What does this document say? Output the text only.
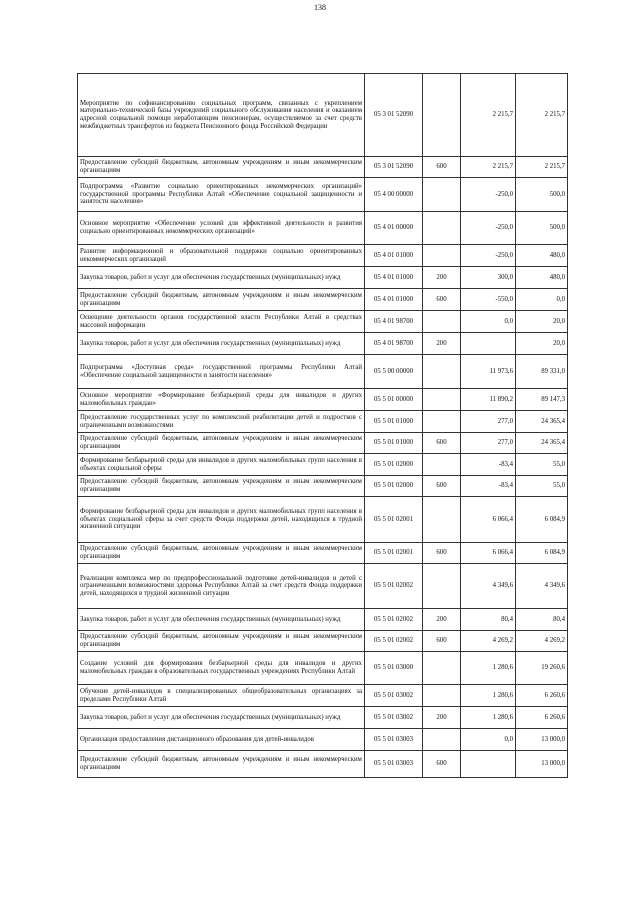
138
Мероприятие по софинансированию социальных программ, связанных с укреплением материально-технической базы учреждений социального обслуживания населения и оказанием адресной социальной помощи неработающим пенсионерам, осуществляемое за счет средств межбюджетных трансфертов из бюджета Пенсионного фонда Российской Федерации	05 3 01 52090		2 215,7	2 215,7
Предоставление субсидий бюджетным, автономным учреждениям и иным некоммерческим организациям	05 3 01 52090	600	2 215,7	2 215,7
Подпрограмма «Развитие социально ориентированных некоммерческих организаций» государственной программы Республики Алтай «Обеспечение социальной защищенности и занятости населения»	05 4 00 00000		-250,0	500,0
Основное мероприятие «Обеспечение условий для эффективной деятельности и развития социально ориентированных некоммерческих организаций»	05 4 01 00000		-250,0	500,0
Развитие информационной и образовательной поддержки социально ориентированных некоммерческих организаций	05 4 01 01000		-250,0	480,0
Закупка товаров, работ и услуг для обеспечения государственных (муниципальных) нужд	05 4 01 01000	200	300,0	480,0
Предоставление субсидий бюджетным, автономным учреждениям и иным некоммерческим организациям	05 4 01 01000	600	-550,0	0,0
Освещение деятельности органов государственной власти Республики Алтай в средствах массовой информации	05 4 01 98700		0,0	20,0
Закупка товаров, работ и услуг для обеспечения государственных (муниципальных) нужд	05 4 01 98700	200		20,0
Подпрограмма «Доступная среда» государственной программы Республики Алтай «Обеспечение социальной защищенности и занятости населения»	05 5 00 00000		11 973,6	89 331,0
Основное мероприятие «Формирование безбарьерной среды для инвалидов и других маломобильных граждан»	05 5 01 00000		11 890,2	89 147,3
Предоставление государственных услуг по комплексной реабилитации детей и подростков с ограниченными возможностями	05 5 01 01000		277,0	24 365,4
Предоставление субсидий бюджетным, автономным учреждениям и иным некоммерческим организациям	05 5 01 01000	600	277,0	24 365,4
Формирование безбарьерной среды для инвалидов и других маломобильных групп населения в объектах социальной сферы	05 5 01 02000		-83,4	55,0
Предоставление субсидий бюджетным, автономным учреждениям и иным некоммерческим организациям	05 5 01 02000	600	-83,4	55,0
Формирование безбарьерной среды для инвалидов и других маломобильных групп населения в объектах социальной сферы за счет средств Фонда поддержки детей, находящихся в трудной жизненной ситуации	05 5 01 02001		6 066,4	6 084,9
Предоставление субсидий бюджетным, автономным учреждениям и иным некоммерческим организациям	05 5 01 02001	600	6 066,4	6 084,9
Реализация комплекса мер по предпрофессиональной подготовке детей-инвалидов и детей с ограниченными возможностями здоровья Республики Алтай за счет средств Фонда поддержки детей, находящихся в трудной жизненной ситуации	05 5 01 02002		4 349,6	4 349,6
Закупка товаров, работ и услуг для обеспечения государственных (муниципальных) нужд	05 5 01 02002	200	80,4	80,4
Предоставление субсидий бюджетным, автономным учреждениям и иным некоммерческим организациям	05 5 01 02002	600	4 269,2	4 269,2
Создание условий для формирования безбарьерной среды для инвалидов и других маломобильных граждан в образовательных государственных учреждениях Республики Алтай	05 5 01 03000		1 280,6	19 260,6
Обучение детей-инвалидов в специализированных общеобразовательных организациях за пределами Республики Алтай	05 5 01 03002		1 280,6	6 260,6
Закупка товаров, работ и услуг для обеспечения государственных (муниципальных) нужд	05 5 01 03002	200	1 280,6	6 260,6
Организация предоставления дистанционного образования для детей-инвалидов	05 5 01 03003		0,0	13 000,0
Предоставление субсидий бюджетным, автономным учреждениям и иным некоммерческим организациям	05 5 01 03003	600		13 000,0
